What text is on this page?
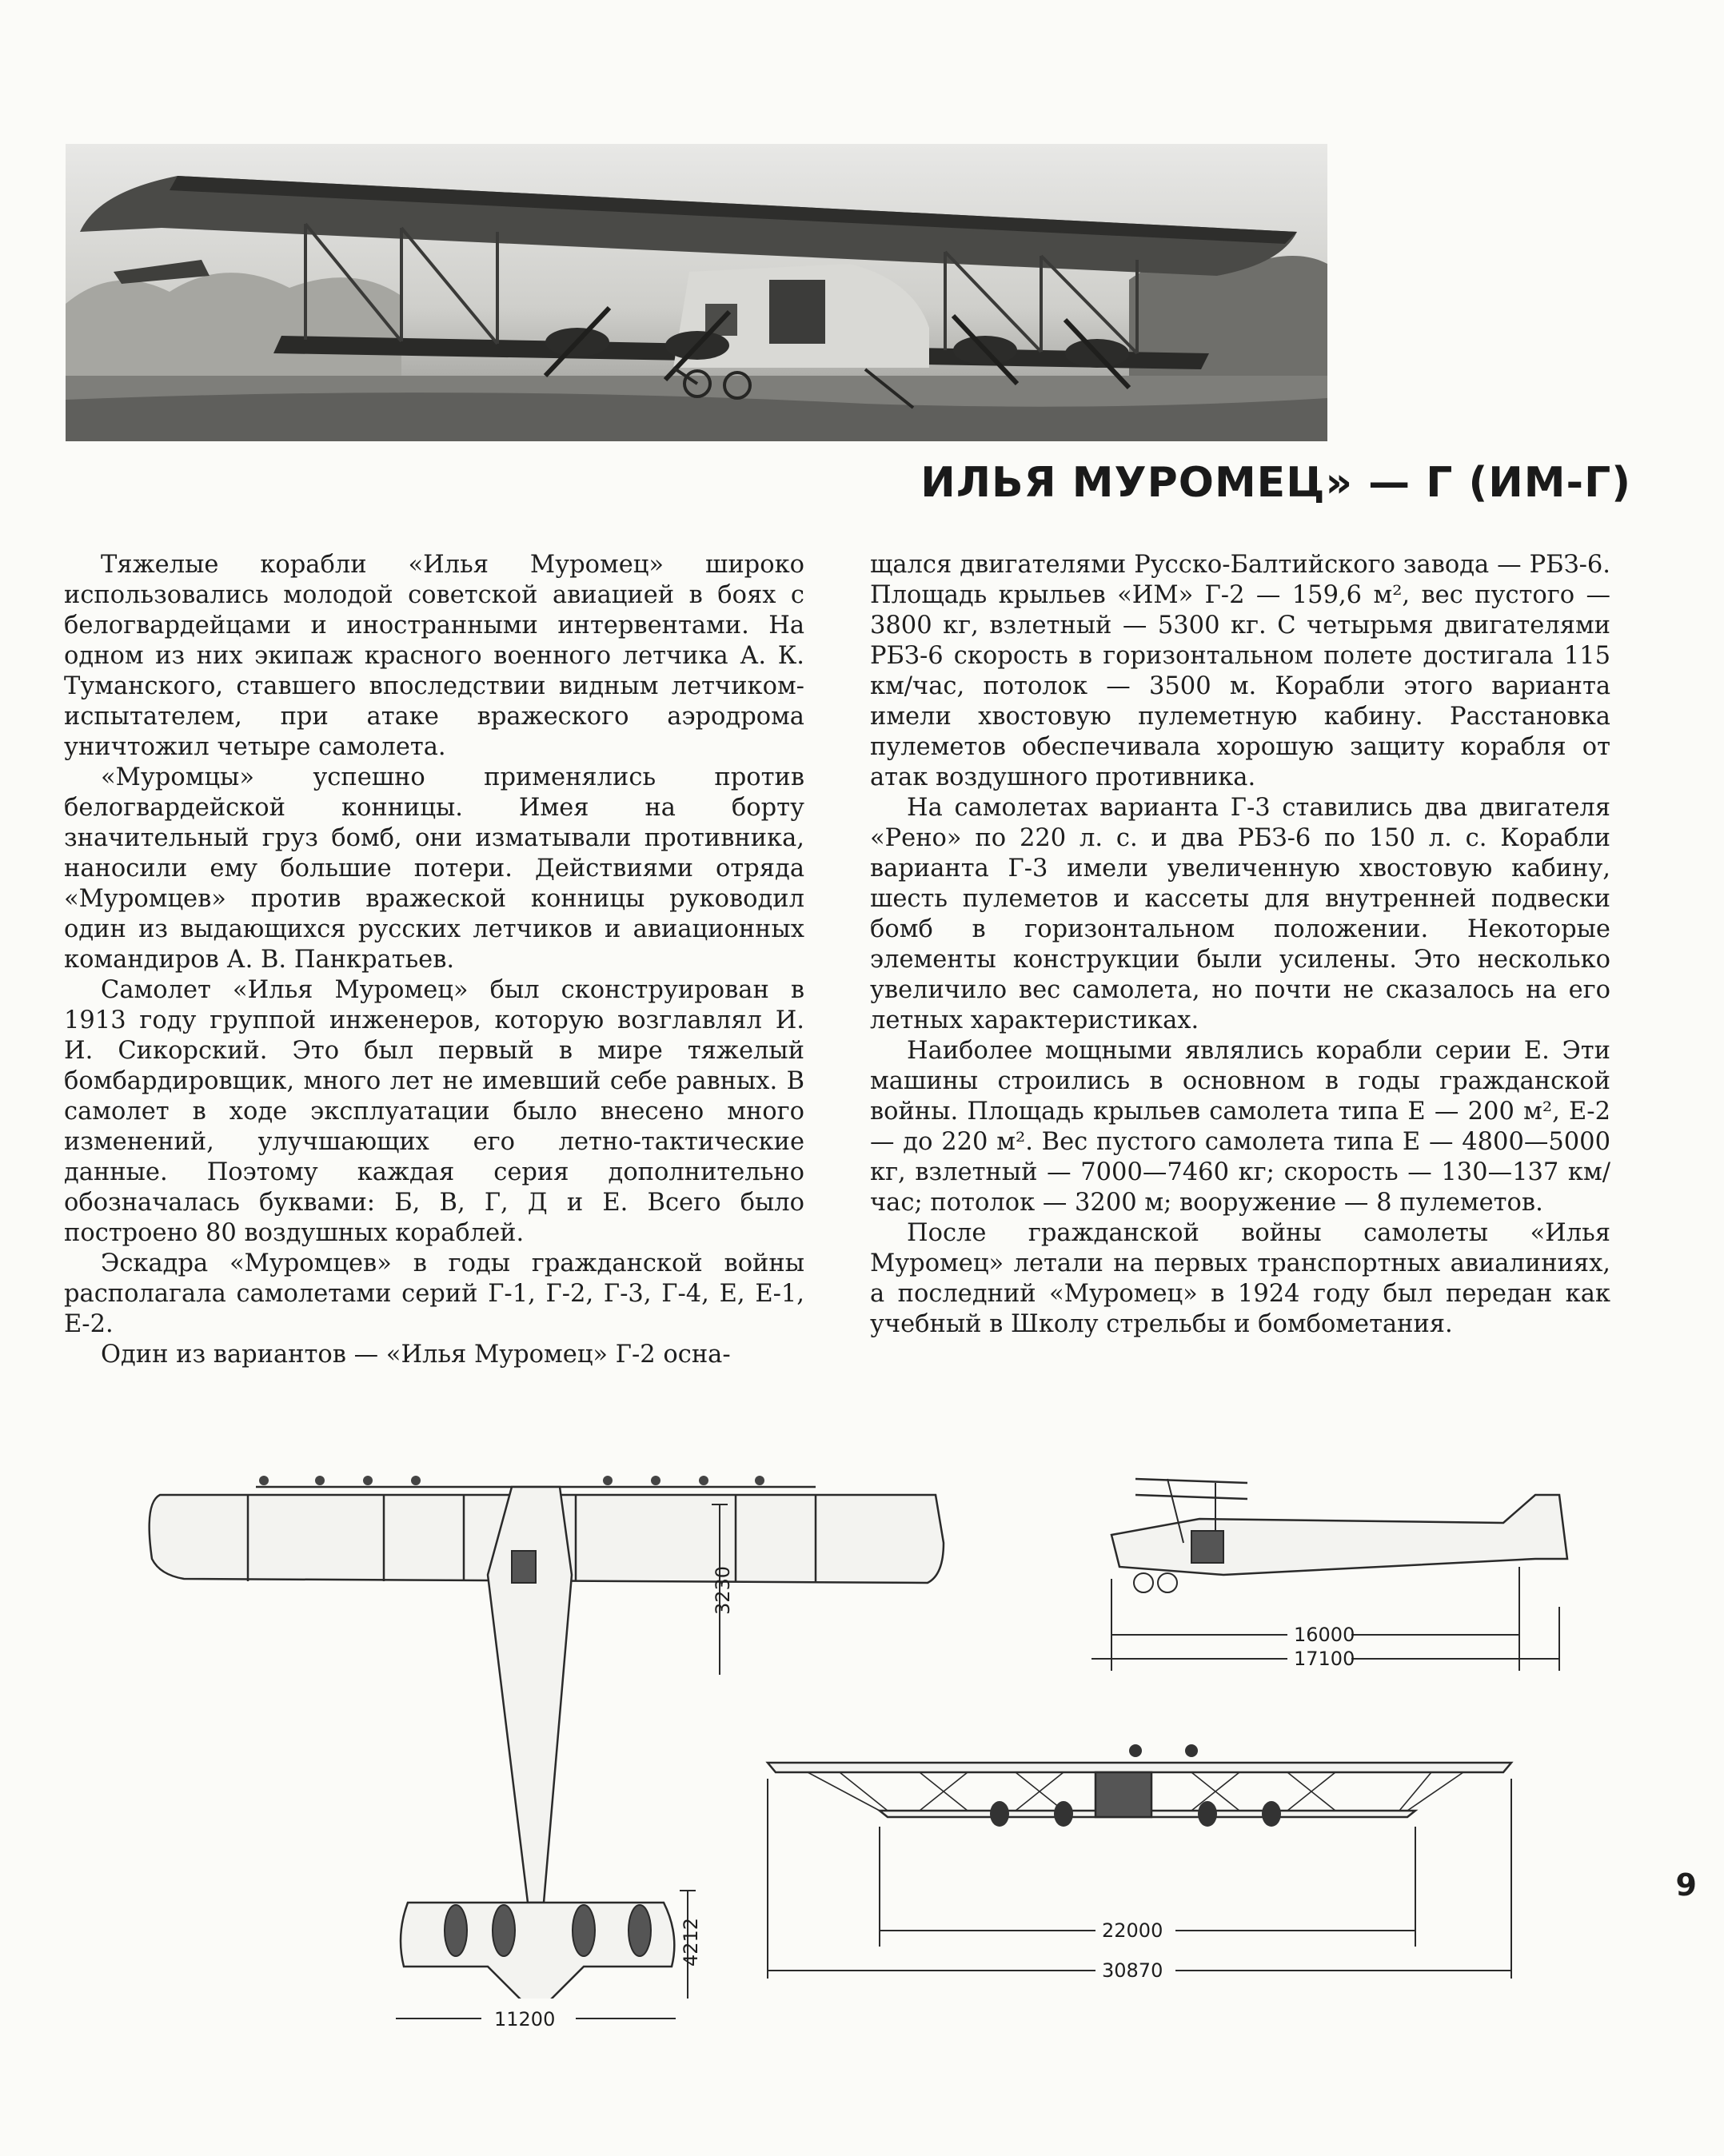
ИЛЬЯ МУРОМЕЦ» — Г (ИМ-Г)

Тяжелые корабли «Илья Муромец» широко использовались молодой советской авиацией в боях с белогвардейцами и иностранными интервентами. На одном из них экипаж красного военного летчика А. К. Туманского, ставшего впоследствии видным летчиком-испытателем, при атаке вражеского аэродрома уничтожил четыре самолета.

«Муромцы» успешно применялись против белогвардейской конницы. Имея на борту значительный груз бомб, они изматывали противника, наносили ему большие потери. Действиями отряда «Муромцев» против вражеской конницы руководил один из выдающихся русских летчиков и авиационных командиров А. В. Панкратьев.

Самолет «Илья Муромец» был сконструирован в 1913 году группой инженеров, которую возглавлял И. И. Сикорский. Это был первый в мире тяжелый бомбардировщик, много лет не имевший себе равных. В самолет в ходе эксплуатации было внесено много изменений, улучшающих его летно-тактические данные. Поэтому каждая серия дополнительно обозначалась буквами: Б, В, Г, Д и Е. Всего было построено 80 воздушных кораблей.

Эскадра «Муромцев» в годы гражданской войны располагала самолетами серий Г-1, Г-2, Г-3, Г-4, Е, Е-1, Е-2.

Один из вариантов — «Илья Муромец» Г-2 осна-

щался двигателями Русско-Балтийского завода — РБЗ-6. Площадь крыльев «ИМ» Г-2 — 159,6 м², вес пустого — 3800 кг, взлетный — 5300 кг. С четырьмя двигателями РБЗ-6 скорость в горизонтальном полете достигала 115 км/час, потолок — 3500 м. Корабли этого варианта имели хвостовую пулеметную кабину. Расстановка пулеметов обеспечивала хорошую защиту корабля от атак воздушного противника.

На самолетах варианта Г-3 ставились два двигателя «Рено» по 220 л. с. и два РБЗ-6 по 150 л. с. Корабли варианта Г-3 имели увеличенную хвостовую кабину, шесть пулеметов и кассеты для внутренней подвески бомб в горизонтальном положении. Некоторые элементы конструкции были усилены. Это несколько увеличило вес самолета, но почти не сказалось на его летных характеристиках.

Наиболее мощными являлись корабли серии Е. Эти машины строились в основном в годы гражданской войны. Площадь крыльев самолета типа Е — 200 м², Е-2 — до 220 м². Вес пустого самолета типа Е — 4800—5000 кг, взлетный — 7000—7460 кг; скорость — 130—137 км/час; потолок — 3200 м; вооружение — 8 пулеметов.

После гражданской войны самолеты «Илья Муромец» летали на первых транспортных авиалиниях, а последний «Муромец» в 1924 году был передан как учебный в Школу стрельбы и бомбометания.

3230
4212
11200
16000
17100
22000
30870
9
